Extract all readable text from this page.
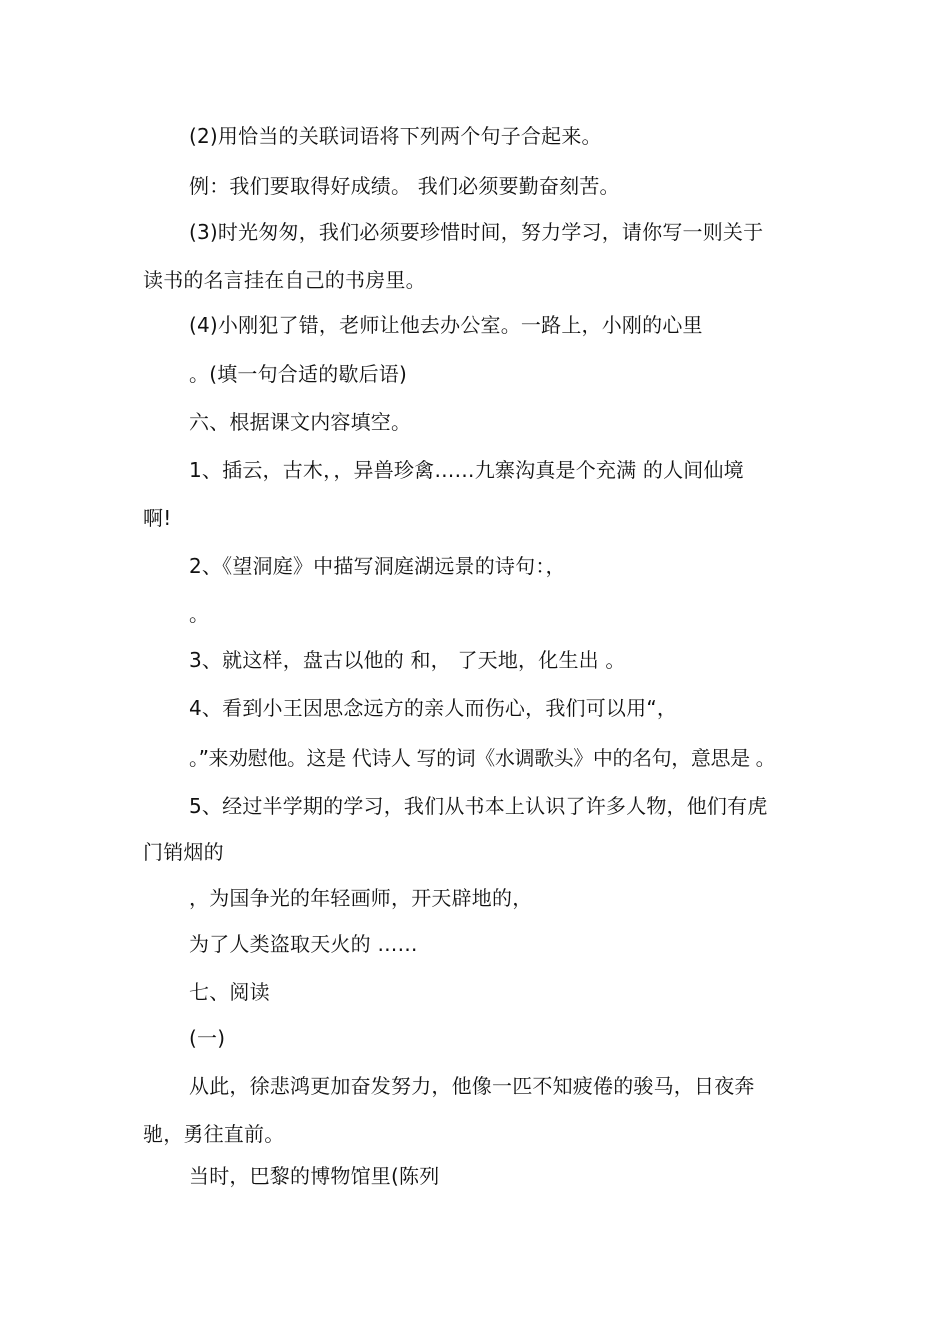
(2)用恰当的关联词语将下列两个句子合起来。
例：我们要取得好成绩。 我们必须要勤奋刻苦。
(3)时光匆匆，我们必须要珍惜时间，努力学习，请你写一则关于
读书的名言挂在自己的书房里。
(4)小刚犯了错，老师让他去办公室。一路上，小刚的心里
。(填一句合适的歇后语)
六、根据课文内容填空。
1、插云，古木，，异兽珍禽……九寨沟真是个充满 的人间仙境
啊!
2、《望洞庭》中描写洞庭湖远景的诗句：，
。
3、就这样，盘古以他的 和， 了天地，化生出 。
4、看到小王因思念远方的亲人而伤心，我们可以用“，
。”来劝慰他。这是 代诗人 写的词《水调歌头》中的名句，意思是 。
5、经过半学期的学习，我们从书本上认识了许多人物，他们有虎
门销烟的
，为国争光的年轻画师，开天辟地的，
为了人类盗取天火的 ……
七、阅读
(一)
从此，徐悲鸿更加奋发努力，他像一匹不知疲倦的骏马，日夜奔
驰，勇往直前。
当时，巴黎的博物馆里(陈列
